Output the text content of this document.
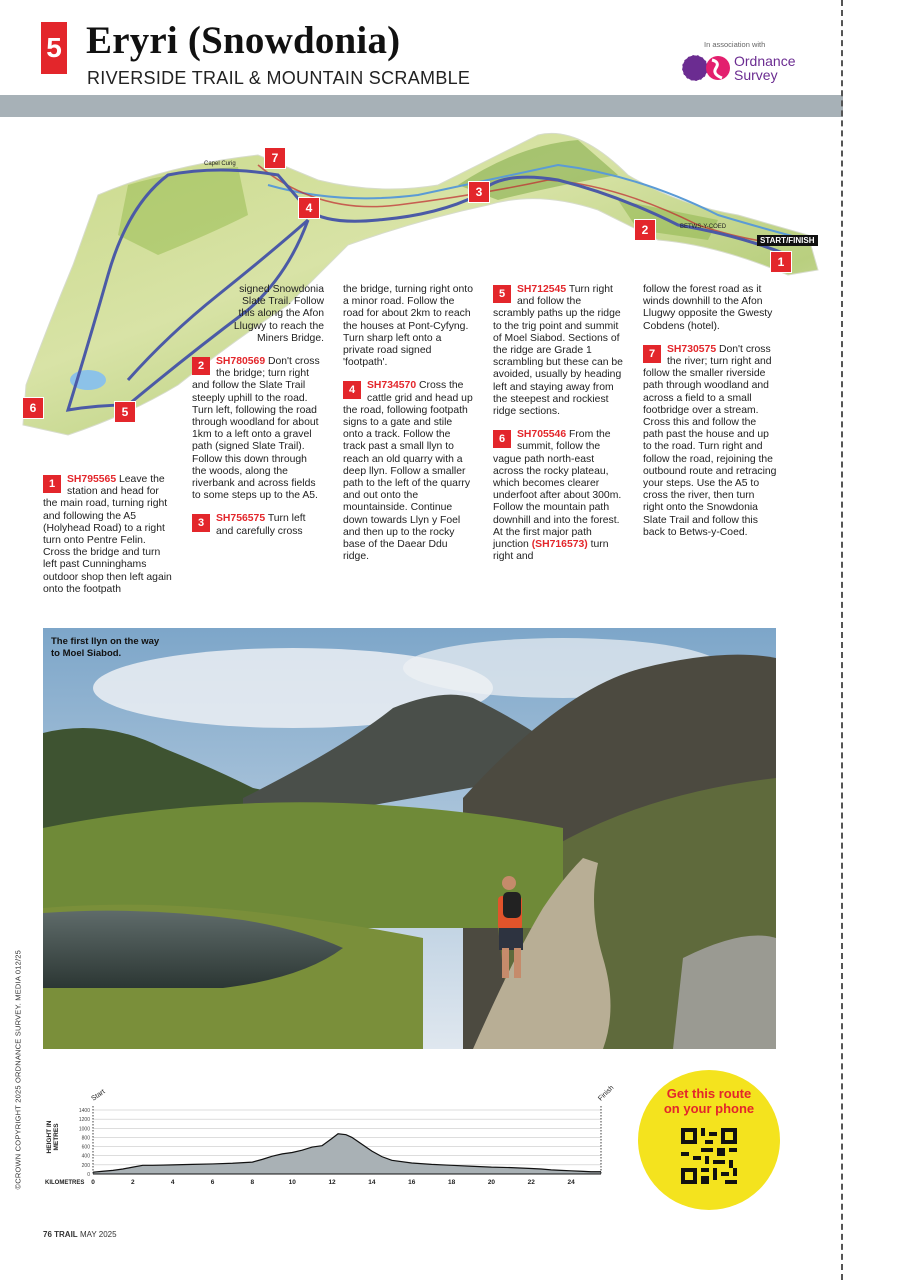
5 Eryri (Snowdonia)
RIVERSIDE TRAIL & MOUNTAIN SCRAMBLE
In association with
Ordnance
Survey
1
2
3
4
5
6
7
START/FINISH
BETWS-Y-COED
Capel Curig
1	SH795565 Leave the station and head for the main road, turning right and following the A5 (Holyhead Road) to a right turn onto Pentre Felin. Cross the bridge and turn left past Cunninghams outdoor shop then left again onto the footpath

signed Snowdonia Slate Trail. Follow this along the Afon Llugwy to reach the Miners Bridge.

2	SH780569 Don't cross the bridge; turn right and follow the Slate Trail steeply uphill to the road. Turn left, following the road through woodland for about 1km to a left onto a gravel path (signed Slate Trail). Follow this down through the woods, along the riverbank and across fields to some steps up to the A5.

3	SH756575 Turn left and carefully cross

the bridge, turning right onto a minor road. Follow the road for about 2km to reach the houses at Pont-Cyfyng. Turn sharp left onto a private road signed 'footpath'.

4	SH734570 Cross the cattle grid and head up the road, following footpath signs to a gate and stile onto a track. Follow the track past a small llyn to reach an old quarry with a deep llyn. Follow a smaller path to the left of the quarry and out onto the mountainside. Continue down towards Llyn y Foel and then up to the rocky base of the Daear Ddu ridge.

5	SH712545 Turn right and follow the scrambly paths up the ridge to the trig point and summit of Moel Siabod. Sections of the ridge are Grade 1 scrambling but these can be avoided, usually by heading left and staying away from the steepest and rockiest ridge sections.

6	SH705546 From the summit, follow the vague path north-east across the rocky plateau, which becomes clearer underfoot after about 300m. Follow the mountain path downhill and into the forest. At the first major path junction (SH716573) turn right and

follow the forest road as it winds downhill to the Afon Llugwy opposite the Gwesty Cobdens (hotel).

7	SH730575 Don't cross the river; turn right and follow the smaller riverside path through woodland and across a field to a small footbridge over a stream. Cross this and follow the path past the house and up to the road. Turn right and follow the road, rejoining the outbound route and retracing your steps. Use the A5 to cross the river, then turn right onto the Snowdonia Slate Trail and follow this back to Betws-y-Coed.

The first llyn on the way to Moel Siabod.
©CROWN COPYRIGHT 2025 ORDNANCE SURVEY. MEDIA 012/25	0
200
400
600
800
1000
1200
1400
0	2	4	6	8	10	12	14	16	18	20	22	24
HEIGHT IN METRES
KILOMETRES
Start	Finish	Get this route
on your phone
76 TRAIL MAY 2025
